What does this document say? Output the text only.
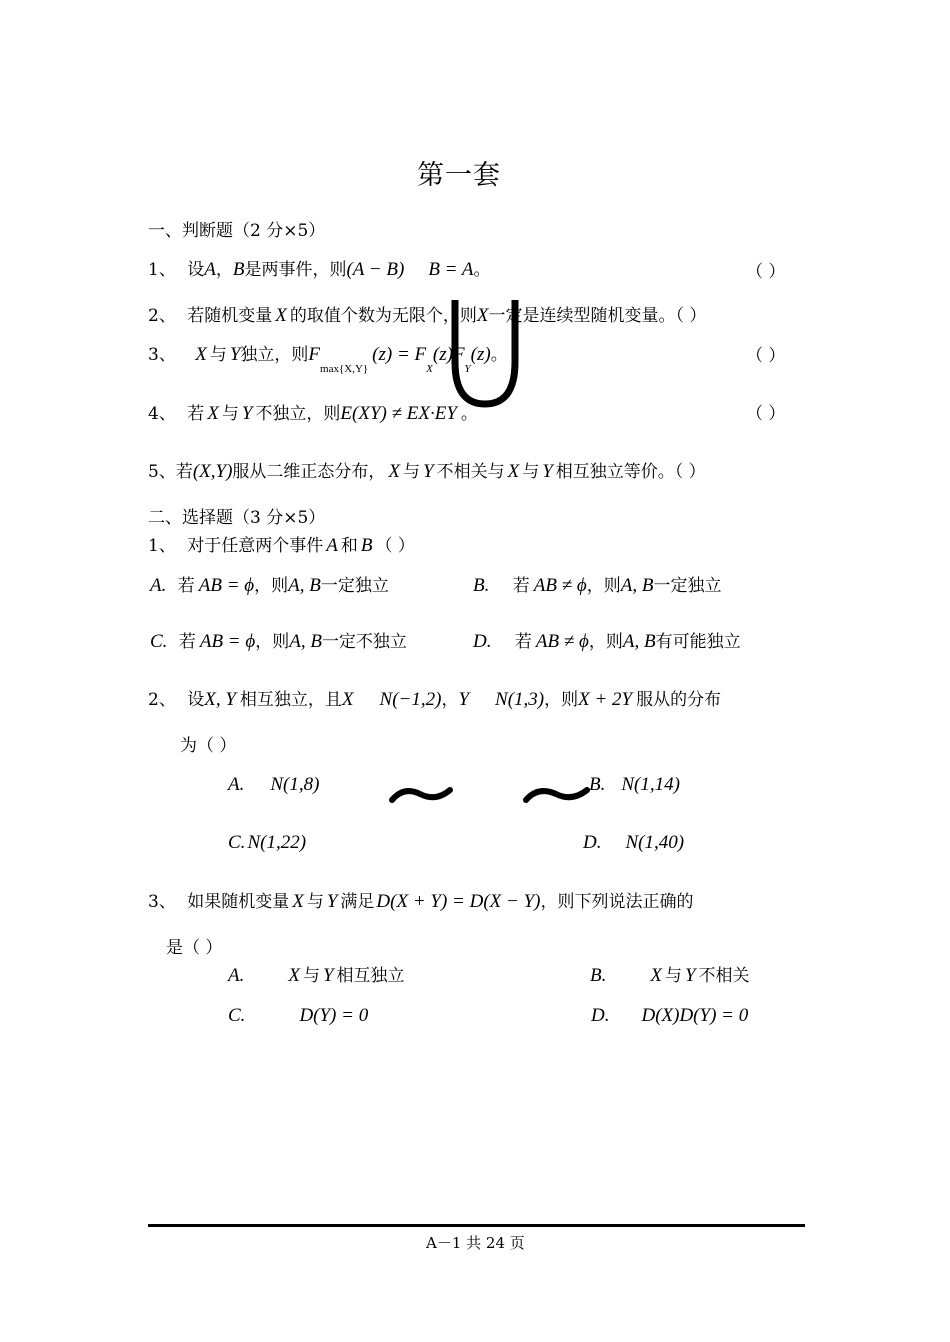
第一套
一、判断题（2 分×5）
1、 设A，B是两事件，则(A − B) B = A。	（ ）
2、 若随机变量 X 的取值个数为无限个，则X一定是连续型随机变量。（ ）
3、 X 与 Y独立，则$F_{max\{X,Y\}}(z) = F_X(z)F_Y(z)$。	（ ）
4、 若 X 与 Y 不独立，则E(XY) ≠ EX·EY 。	（ ）
5、若(X,Y)服从二维正态分布， X 与 Y 不相关与 X 与 Y 相互独立等价。（ ）
二、选择题（3 分×5）
1、 对于任意两个事件 A 和 B （ ）
A. 若 AB = ϕ，则A, B一定独立	B. 若 AB ≠ ϕ，则A, B一定独立
C. 若 AB = ϕ，则A, B一定不独立	D. 若 AB ≠ ϕ，则A, B有可能独立
2、 设X, Y 相互独立，且X N(−1,2)，Y N(1,3)，则X + 2Y 服从的分布
为（ ）
A. N(1,8)	B. N(1,14)
C. N(1,22)	D. N(1,40)
3、 如果随机变量 X 与 Y 满足 D(X + Y) = D(X − Y)，则下列说法正确的
是（ ）
A. X 与 Y 相互独立	B. X 与 Y 不相关
C.	D(Y) = 0	D. D(X)D(Y) = 0
A－1 共 24 页
